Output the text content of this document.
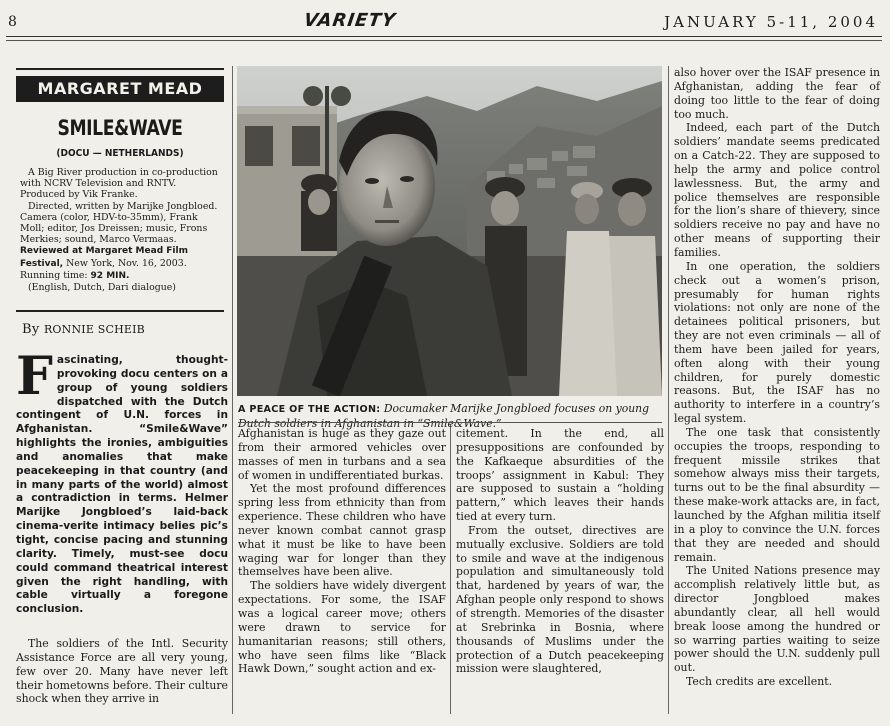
8	VARIETY	JANUARY 5-11, 2004
MARGARET MEAD
SMILE&WAVE
(DOCU — NETHERLANDS)

A Big River production in co-production with NCRV Television and RNTV. Produced by Vik Franke.

Directed, written by Marijke Jongbloed. Camera (color, HDV-to-35mm), Frank Moll; editor, Jos Dreissen; music, Frons Merkies; sound, Marco Vermaas. Reviewed at Margaret Mead Film Festival, New York, Nov. 16, 2003. Running time: 92 MIN.

(English, Dutch, Dari dialogue)

By RONNIE SCHEIB
Fascinating, thought-provoking docu centers on a group of young soldiers dispatched with the Dutch contingent of U.N. forces in Afghanistan. “Smile&Wave” highlights the ironies, ambiguities and anomalies that make peacekeeping in that country (and in many parts of the world) almost a contradiction in terms. Helmer Marijke Jongbloed’s laid-back cinema-verite intimacy belies pic’s tight, concise pacing and stunning clarity. Timely, must-see docu could command theatrical interest given the right handling, with cable virtually a foregone conclusion.

The soldiers of the Intl. Security Assistance Force are all very young, few over 20. Many have never left their hometowns before. Their culture shock when they arrive in

A PEACE OF THE ACTION: Documaker Marijke Jongbloed focuses on young Dutch soldiers in Afghanistan in “Smile&Wave.”

Afghanistan is huge as they gaze out from their armored vehicles over masses of men in turbans and a sea of women in undifferentiated burkas.

Yet the most profound differences spring less from ethnicity than from experience. These children who have never known combat cannot grasp what it must be like to have been waging war for longer than they themselves have been alive.

The soldiers have widely divergent expectations. For some, the ISAF was a logical career move; others were drawn to service for humanitarian reasons; still others, who have seen films like “Black Hawk Down,” sought action and ex-

citement. In the end, all presuppositions are confounded by the Kafkaeque absurdities of the troops’ assignment in Kabul: They are supposed to sustain a “holding pattern,” which leaves their hands tied at every turn.

From the outset, directives are mutually exclusive. Soldiers are told to smile and wave at the indigenous population and simultaneously told that, hardened by years of war, the Afghan people only respond to shows of strength. Memories of the disaster at Srebrinka in Bosnia, where thousands of Muslims under the protection of a Dutch peacekeeping mission were slaughtered,

also hover over the ISAF presence in Afghanistan, adding the fear of doing too little to the fear of doing too much.

Indeed, each part of the Dutch soldiers’ mandate seems predicated on a Catch-22. They are supposed to help the army and police control lawlessness. But, the army and police themselves are responsible for the lion’s share of thievery, since soldiers receive no pay and have no other means of supporting their families.

In one operation, the soldiers check out a women’s prison, presumably for human rights violations: not only are none of the detainees political prisoners, but they are not even criminals — all of them have been jailed for years, often along with their young children, for purely domestic reasons. But, the ISAF has no authority to interfere in a country’s legal system.

The one task that consistently occupies the troops, responding to frequent missile strikes that somehow always miss their targets, turns out to be the final absurdity — these make-work attacks are, in fact, launched by the Afghan militia itself in a ploy to convince the U.N. forces that they are needed and should remain.

The United Nations presence may accomplish relatively little but, as director Jongbloed makes abundantly clear, all hell would break loose among the hundred or so warring parties waiting to seize power should the U.N. suddenly pull out.

Tech credits are excellent.
